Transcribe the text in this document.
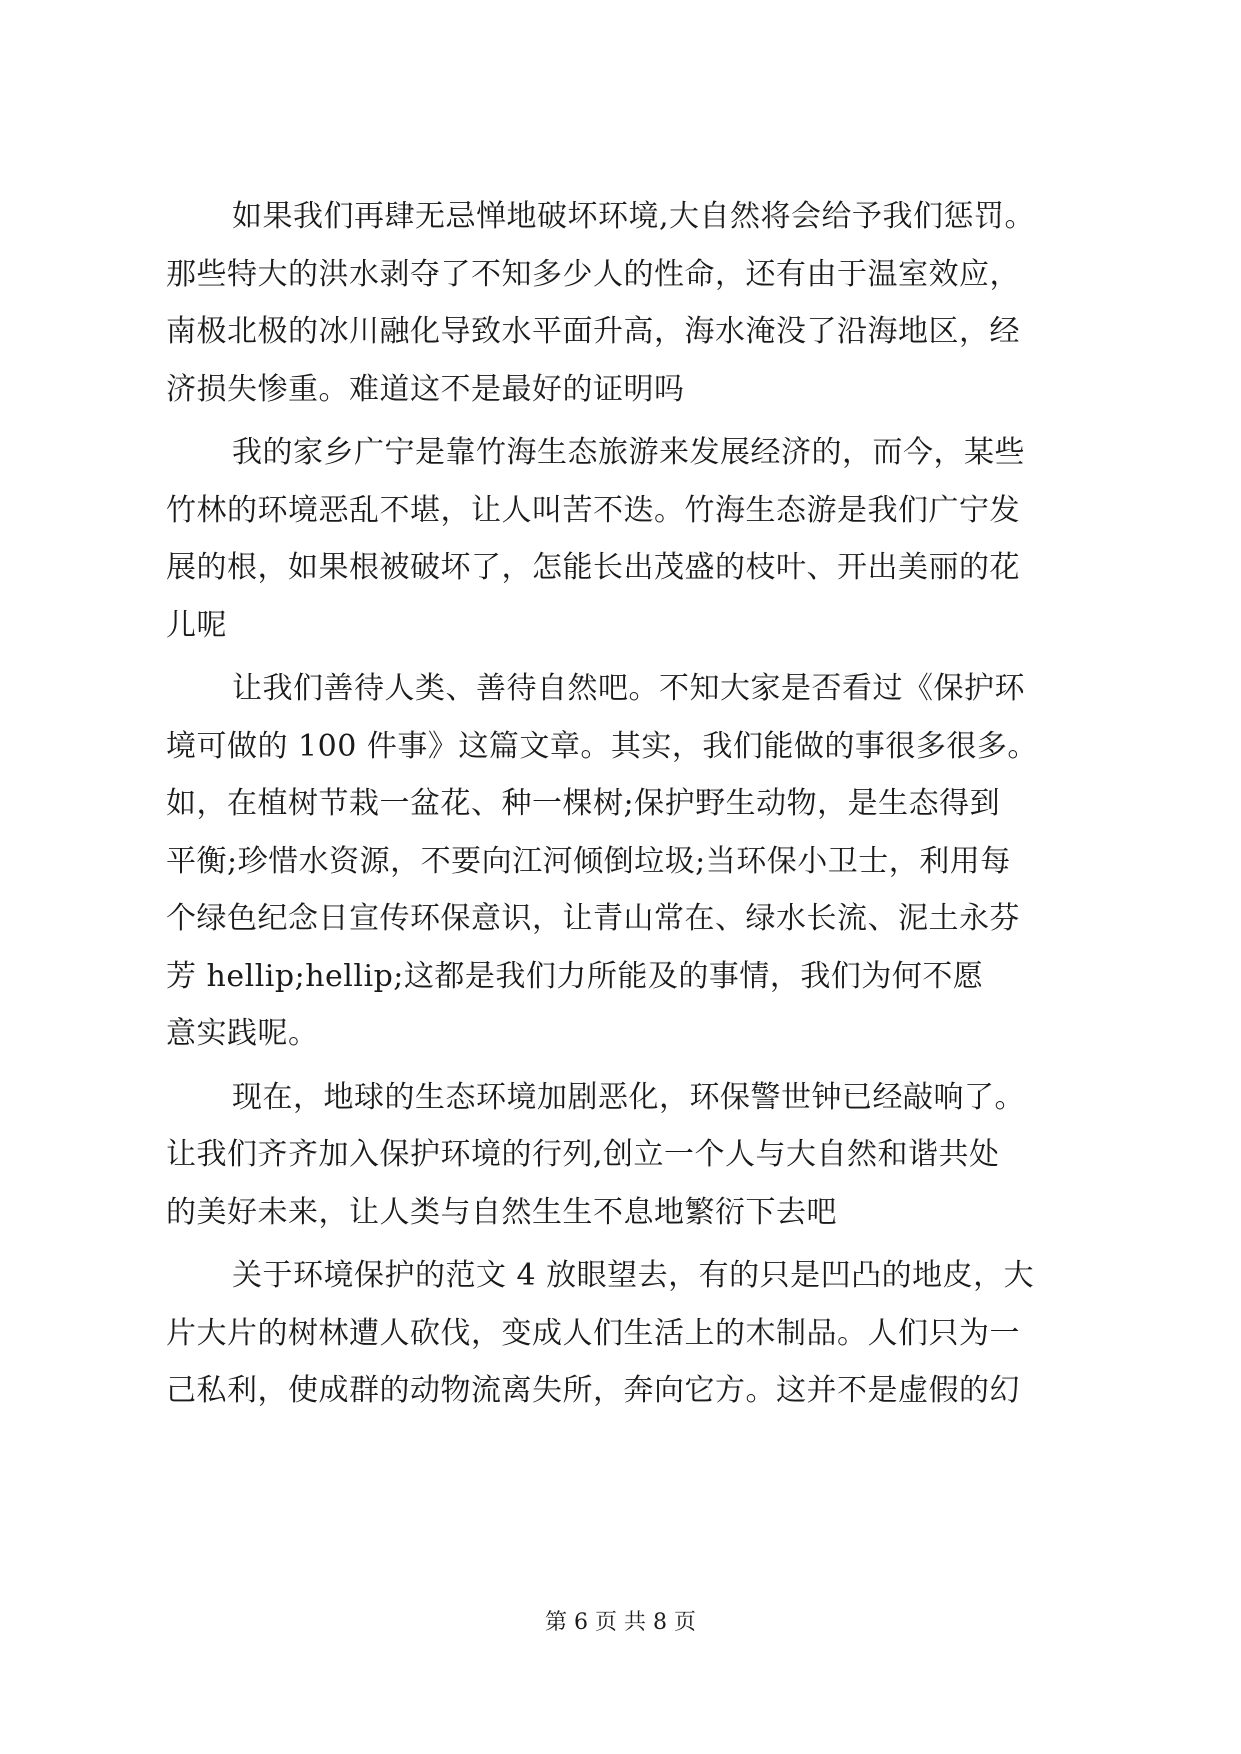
如果我们再肆无忌惮地破坏环境,大自然将会给予我们惩罚。
那些特大的洪水剥夺了不知多少人的性命，还有由于温室效应，
南极北极的冰川融化导致水平面升高，海水淹没了沿海地区，经
济损失惨重。难道这不是最好的证明吗
我的家乡广宁是靠竹海生态旅游来发展经济的，而今，某些
竹林的环境恶乱不堪，让人叫苦不迭。竹海生态游是我们广宁发
展的根，如果根被破坏了，怎能长出茂盛的枝叶、开出美丽的花
儿呢
让我们善待人类、善待自然吧。不知大家是否看过《保护环
境可做的 100 件事》这篇文章。其实，我们能做的事很多很多。
如，在植树节栽一盆花、种一棵树;保护野生动物，是生态得到
平衡;珍惜水资源，不要向江河倾倒垃圾;当环保小卫士，利用每
个绿色纪念日宣传环保意识，让青山常在、绿水长流、泥土永芬
芳 hellip;hellip;这都是我们力所能及的事情，我们为何不愿
意实践呢。
现在，地球的生态环境加剧恶化，环保警世钟已经敲响了。
让我们齐齐加入保护环境的行列,创立一个人与大自然和谐共处
的美好未来，让人类与自然生生不息地繁衍下去吧
关于环境保护的范文 4 放眼望去，有的只是凹凸的地皮，大
片大片的树林遭人砍伐，变成人们生活上的木制品。人们只为一
己私利，使成群的动物流离失所，奔向它方。这并不是虚假的幻
第 6 页 共 8 页
